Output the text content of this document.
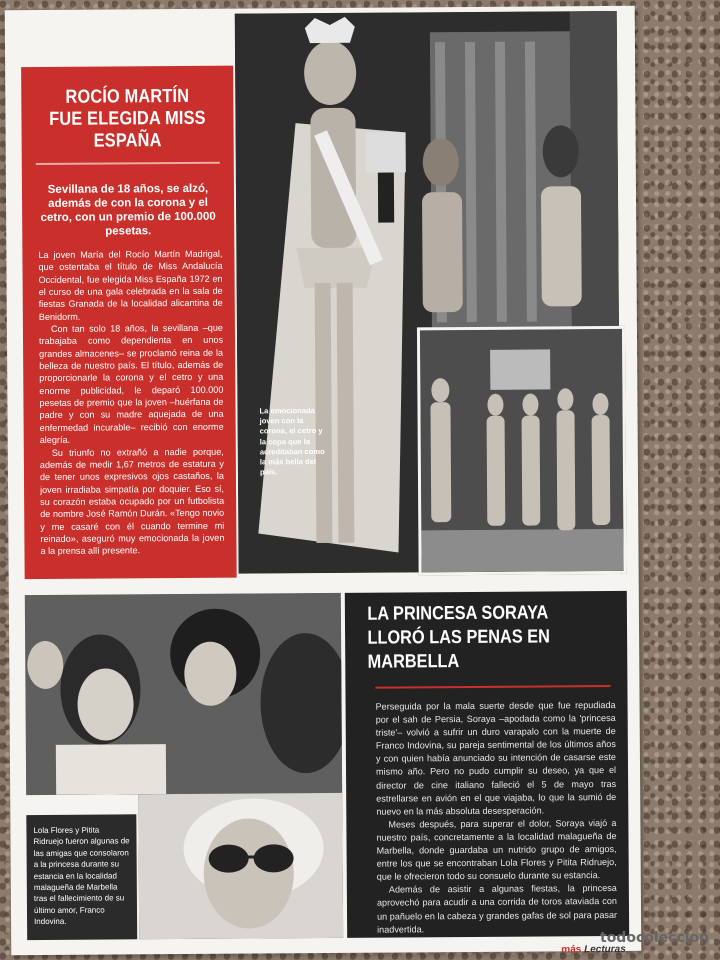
ROCÍO MARTÍN FUE ELEGIDA MISS ESPAÑA
Sevillana de 18 años, se alzó, además de con la corona y el cetro, con un premio de 100.000 pesetas.

La joven María del Rocío Martín Madrigal, que ostentaba el título de Miss Andalucía Occidental, fue elegida Miss España 1972 en el curso de una gala celebrada en la sala de fiestas Granada de la localidad alicantina de Benidorm.

Con tan solo 18 años, la sevillana –que trabajaba como dependienta en unos grandes almacenes– se proclamó reina de la belleza de nuestro país. El título, además de proporcionarle la corona y el cetro y una enorme publicidad, le deparó 100.000 pesetas de premio que la joven –huérfana de padre y con su madre aquejada de una enfermedad incurable– recibió con enorme alegría.

Su triunfo no extrañó a nadie porque, además de medir 1,67 metros de estatura y de tener unos expresivos ojos castaños, la joven irradiaba simpatía por doquier. Eso sí, su corazón estaba ocupado por un futbolista de nombre José Ramón Durán. «Tengo novio y me casaré con él cuando termine mi reinado», aseguró muy emocionada la joven a la prensa allí presente.

La emocionada joven con la corona, el cetro y la copa que la acreditaban como la más bella del país.
Lola Flores y Pitita Ridruejo fueron algunas de las amigas que consolaron a la princesa durante su estancia en la localidad malagueña de Marbella tras el fallecimiento de su último amor, Franco Indovina.
LA PRINCESA SORAYA LLORÓ LAS PENAS EN MARBELLA

Perseguida por la mala suerte desde que fue repudiada por el sah de Persia, Soraya –apodada como la 'princesa triste'– volvió a sufrir un duro varapalo con la muerte de Franco Indovina, su pareja sentimental de los últimos años y con quien había anunciado su intención de casarse este mismo año. Pero no pudo cumplir su deseo, ya que el director de cine italiano falleció el 5 de mayo tras estrellarse en avión en el que viajaba, lo que la sumió de nuevo en la más absoluta desesperación.

Meses después, para superar el dolor, Soraya viajó a nuestro país, concretamente a la localidad malagueña de Marbella, donde guardaba un nutrido grupo de amigos, entre los que se encontraban Lola Flores y Pitita Ridruejo, que le ofrecieron todo su consuelo durante su estancia.

Además de asistir a algunas fiestas, la princesa aprovechó para acudir a una corrida de toros ataviada con un pañuelo en la cabeza y grandes gafas de sol para pasar inadvertida.

más Lecturas
todocoleccion
